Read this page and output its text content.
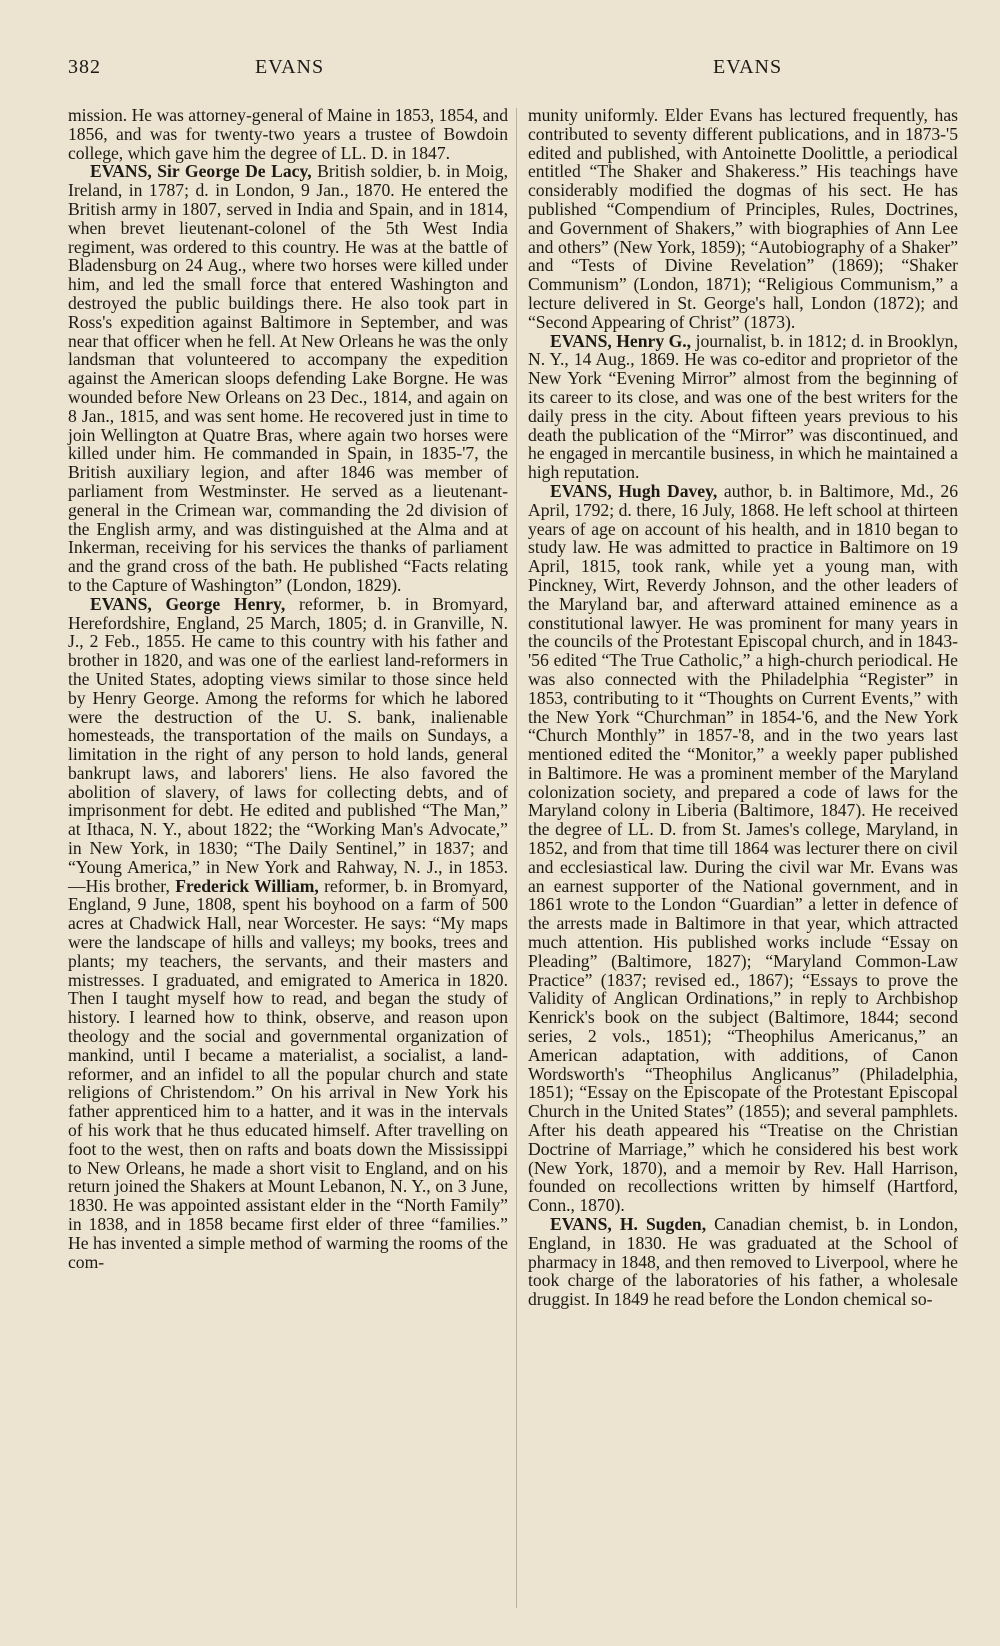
382	EVANS	EVANS

mission. He was attorney-general of Maine in 1853, 1854, and 1856, and was for twenty-two years a trustee of Bowdoin college, which gave him the degree of LL. D. in 1847.

EVANS, Sir George De Lacy, British soldier, b. in Moig, Ireland, in 1787; d. in London, 9 Jan., 1870. He entered the British army in 1807, served in India and Spain, and in 1814, when brevet lieutenant-colonel of the 5th West India regiment, was ordered to this country. He was at the battle of Bladensburg on 24 Aug., where two horses were killed under him, and led the small force that entered Washington and destroyed the public buildings there. He also took part in Ross's expedition against Baltimore in September, and was near that officer when he fell. At New Orleans he was the only landsman that volunteered to accompany the expedition against the American sloops defending Lake Borgne. He was wounded before New Orleans on 23 Dec., 1814, and again on 8 Jan., 1815, and was sent home. He recovered just in time to join Wellington at Quatre Bras, where again two horses were killed under him. He commanded in Spain, in 1835-'7, the British auxiliary legion, and after 1846 was member of parliament from Westminster. He served as a lieutenant-general in the Crimean war, commanding the 2d division of the English army, and was distinguished at the Alma and at Inkerman, receiving for his services the thanks of parliament and the grand cross of the bath. He published “Facts relating to the Capture of Washington” (London, 1829).

EVANS, George Henry, reformer, b. in Bromyard, Herefordshire, England, 25 March, 1805; d. in Granville, N. J., 2 Feb., 1855. He came to this country with his father and brother in 1820, and was one of the earliest land-reformers in the United States, adopting views similar to those since held by Henry George. Among the reforms for which he labored were the destruction of the U. S. bank, inalienable homesteads, the transportation of the mails on Sundays, a limitation in the right of any person to hold lands, general bankrupt laws, and laborers' liens. He also favored the abolition of slavery, of laws for collecting debts, and of imprisonment for debt. He edited and published “The Man,” at Ithaca, N. Y., about 1822; the “Working Man's Advocate,” in New York, in 1830; “The Daily Sentinel,” in 1837; and “Young America,” in New York and Rahway, N. J., in 1853.—His brother, Frederick William, reformer, b. in Bromyard, England, 9 June, 1808, spent his boyhood on a farm of 500 acres at Chadwick Hall, near Worcester. He says: “My maps were the landscape of hills and valleys; my books, trees and plants; my teachers, the servants, and their masters and mistresses. I graduated, and emigrated to America in 1820. Then I taught myself how to read, and began the study of history. I learned how to think, observe, and reason upon theology and the social and governmental organization of mankind, until I became a materialist, a socialist, a land-reformer, and an infidel to all the popular church and state religions of Christendom.” On his arrival in New York his father apprenticed him to a hatter, and it was in the intervals of his work that he thus educated himself. After travelling on foot to the west, then on rafts and boats down the Mississippi to New Orleans, he made a short visit to England, and on his return joined the Shakers at Mount Lebanon, N. Y., on 3 June, 1830. He was appointed assistant elder in the “North Family” in 1838, and in 1858 became first elder of three “families.” He has invented a simple method of warming the rooms of the com-

munity uniformly. Elder Evans has lectured frequently, has contributed to seventy different publications, and in 1873-'5 edited and published, with Antoinette Doolittle, a periodical entitled “The Shaker and Shakeress.” His teachings have considerably modified the dogmas of his sect. He has published “Compendium of Principles, Rules, Doctrines, and Government of Shakers,” with biographies of Ann Lee and others” (New York, 1859); “Autobiography of a Shaker” and “Tests of Divine Revelation” (1869); “Shaker Communism” (London, 1871); “Religious Communism,” a lecture delivered in St. George's hall, London (1872); and “Second Appearing of Christ” (1873).

EVANS, Henry G., journalist, b. in 1812; d. in Brooklyn, N. Y., 14 Aug., 1869. He was co-editor and proprietor of the New York “Evening Mirror” almost from the beginning of its career to its close, and was one of the best writers for the daily press in the city. About fifteen years previous to his death the publication of the “Mirror” was discontinued, and he engaged in mercantile business, in which he maintained a high reputation.

EVANS, Hugh Davey, author, b. in Baltimore, Md., 26 April, 1792; d. there, 16 July, 1868. He left school at thirteen years of age on account of his health, and in 1810 began to study law. He was admitted to practice in Baltimore on 19 April, 1815, took rank, while yet a young man, with Pinckney, Wirt, Reverdy Johnson, and the other leaders of the Maryland bar, and afterward attained eminence as a constitutional lawyer. He was prominent for many years in the councils of the Protestant Episcopal church, and in 1843-'56 edited “The True Catholic,” a high-church periodical. He was also connected with the Philadelphia “Register” in 1853, contributing to it “Thoughts on Current Events,” with the New York “Churchman” in 1854-'6, and the New York “Church Monthly” in 1857-'8, and in the two years last mentioned edited the “Monitor,” a weekly paper published in Baltimore. He was a prominent member of the Maryland colonization society, and prepared a code of laws for the Maryland colony in Liberia (Baltimore, 1847). He received the degree of LL. D. from St. James's college, Maryland, in 1852, and from that time till 1864 was lecturer there on civil and ecclesiastical law. During the civil war Mr. Evans was an earnest supporter of the National government, and in 1861 wrote to the London “Guardian” a letter in defence of the arrests made in Baltimore in that year, which attracted much attention. His published works include “Essay on Pleading” (Baltimore, 1827); “Maryland Common-Law Practice” (1837; revised ed., 1867); “Essays to prove the Validity of Anglican Ordinations,” in reply to Archbishop Kenrick's book on the subject (Baltimore, 1844; second series, 2 vols., 1851); “Theophilus Americanus,” an American adaptation, with additions, of Canon Wordsworth's “Theophilus Anglicanus” (Philadelphia, 1851); “Essay on the Episcopate of the Protestant Episcopal Church in the United States” (1855); and several pamphlets. After his death appeared his “Treatise on the Christian Doctrine of Marriage,” which he considered his best work (New York, 1870), and a memoir by Rev. Hall Harrison, founded on recollections written by himself (Hartford, Conn., 1870).

EVANS, H. Sugden, Canadian chemist, b. in London, England, in 1830. He was graduated at the School of pharmacy in 1848, and then removed to Liverpool, where he took charge of the laboratories of his father, a wholesale druggist. In 1849 he read before the London chemical so-
